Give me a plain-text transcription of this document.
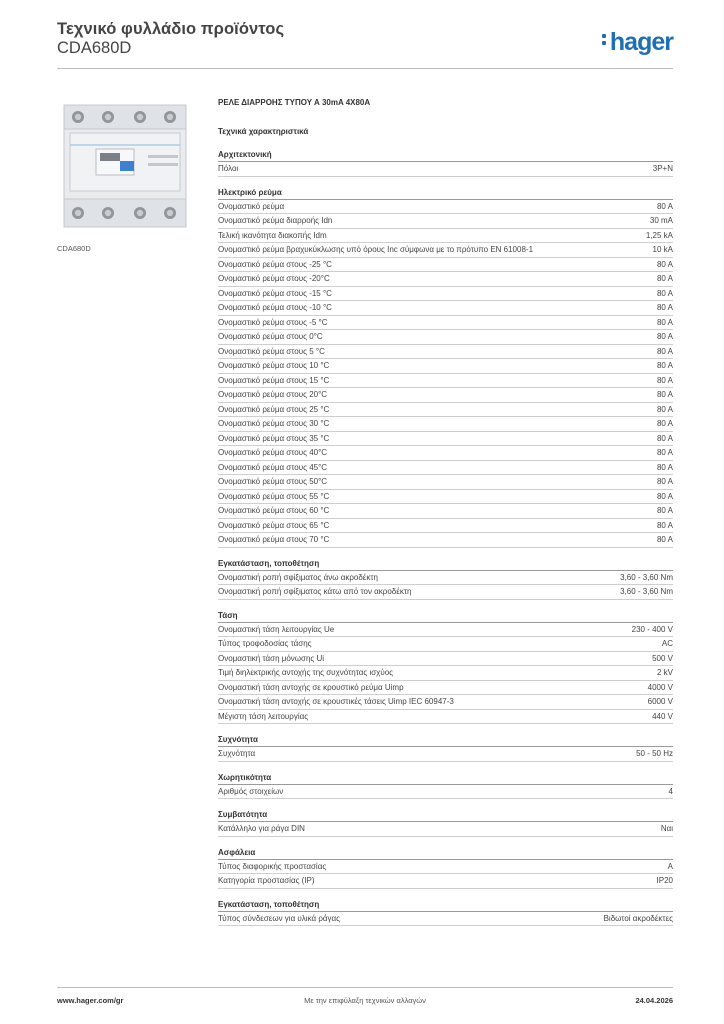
Τεχνικό φυλλάδιο προϊόντος
CDA680D	hager
CDA680D
ΡΕΛΕ ΔΙΑΡΡΟΗΣ ΤΥΠΟΥ Α 30mA 4X80A
Τεχνικά χαρακτηριστικά
Αρχιτεκτονική
Πόλοι	3P+N
Ηλεκτρικό ρεύμα
Ονομαστικό ρεύμα	80 A
Ονομαστικό ρεύμα διαρροής Idn	30 mA
Τελική ικανότητα διακοπής Idm	1,25 kA
Ονομαστικό ρεύμα βραχυκύκλωσης υπό όρους Inc σύμφωνα με το πρότυπο EN 61008-1	10 kA
Ονομαστικό ρεύμα στους -25 °C	80 A
Ονομαστικό ρεύμα στους -20°C	80 A
Ονομαστικό ρεύμα στους -15 °C	80 A
Ονομαστικό ρεύμα στους -10 °C	80 A
Ονομαστικό ρεύμα στους -5 °C	80 A
Ονομαστικό ρεύμα στους 0°C	80 A
Ονομαστικό ρεύμα στους 5 °C	80 A
Ονομαστικό ρεύμα στους 10 °C	80 A
Ονομαστικό ρεύμα στους 15 °C	80 A
Ονομαστικό ρεύμα στους 20°C	80 A
Ονομαστικό ρεύμα στους 25 °C	80 A
Ονομαστικό ρεύμα στους 30 °C	80 A
Ονομαστικό ρεύμα στους 35 °C	80 A
Ονομαστικό ρεύμα στους 40°C	80 A
Ονομαστικό ρεύμα στους 45°C	80 A
Ονομαστικό ρεύμα στους 50°C	80 A
Ονομαστικό ρεύμα στους 55 °C	80 A
Ονομαστικό ρεύμα στους 60 °C	80 A
Ονομαστικό ρεύμα στους 65 °C	80 A
Ονομαστικό ρεύμα στους 70 °C	80 A
Εγκατάσταση, τοποθέτηση
Ονομαστική ροπή σφίξιματος άνω ακροδέκτη	3,60 - 3,60 Nm
Ονομαστική ροπή σφίξιματος κάτω από τον ακροδέκτη	3,60 - 3,60 Nm
Τάση
Ονομαστική τάση λειτουργίας Ue	230 - 400 V
Τύπος τροφοδοσίας τάσης	AC
Ονομαστική τάση μόνωσης Ui	500 V
Τιμή διηλεκτρικής αντοχής της συχνότητας ισχύος	2 kV
Ονομαστική τάση αντοχής σε κρουστικό ρεύμα Uimp	4000 V
Ονομαστική τάση αντοχής σε κρουστικές τάσεις Uimp IEC 60947-3	6000 V
Μέγιστη τάση λειτουργίας	440 V
Συχνότητα
Συχνότητα	50 - 50 Hz
Χωρητικότητα
Αριθμός στοιχείων	4
Συμβατότητα
Κατάλληλο για ράγα DIN	Ναι
Ασφάλεια
Τύπος διαφορικής προστασίας	A
Κατηγορία προστασίας (IP)	IP20
Εγκατάσταση, τοποθέτηση
Τύπος σύνδεσεων για υλικά ράγας	Βιδωτοί ακροδέκτες
www.hager.com/gr	Με την επιφύλαξη τεχνικών αλλαγών	24.04.2026
